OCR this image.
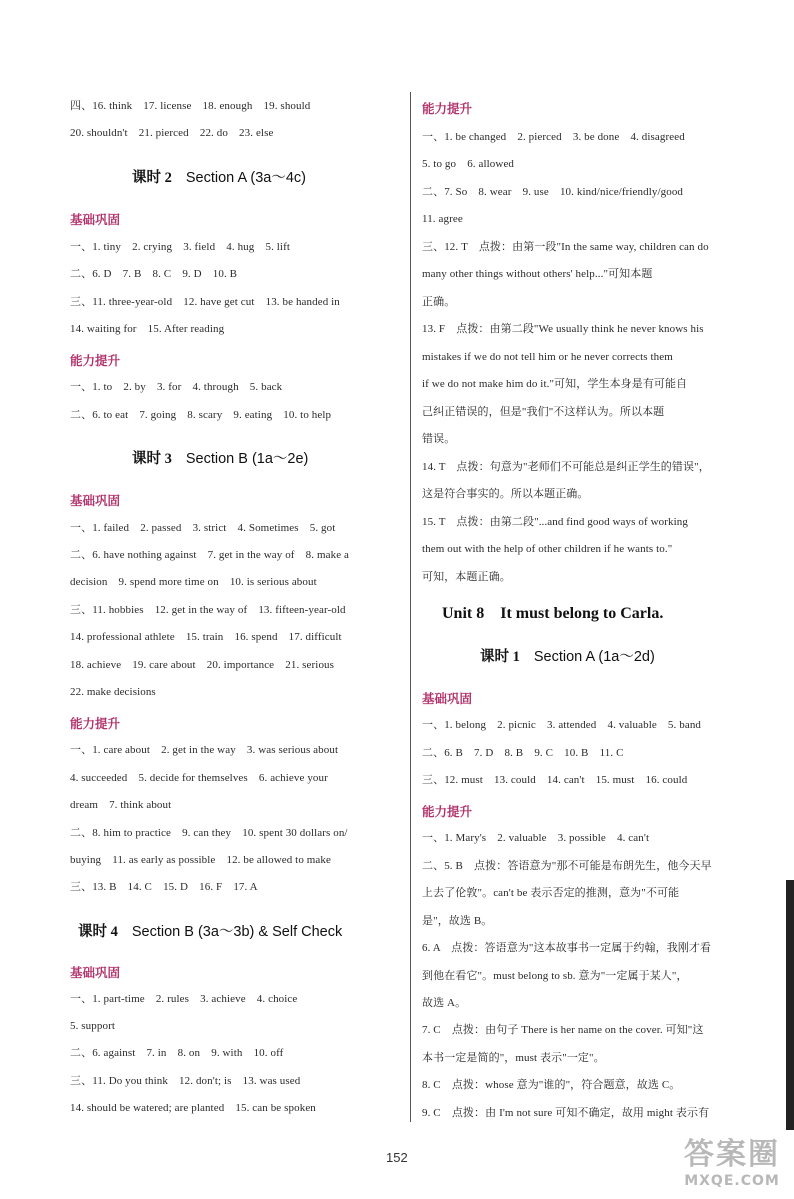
四、16. think　17. license　18. enough　19. should
20. shouldn't　21. pierced　22. do　23. else
课时 2 Section A (3a～4c)
基础巩固
一、1. tiny　2. crying　3. field　4. hug　5. lift
二、6. D　7. B　8. C　9. D　10. B
三、11. three-year-old　12. have get cut　13. be handed in
14. waiting for　15. After reading
能力提升
一、1. to　2. by　3. for　4. through　5. back
二、6. to eat　7. going　8. scary　9. eating　10. to help
课时 3 Section B (1a～2e)
基础巩固
一、1. failed　2. passed　3. strict　4. Sometimes　5. got
二、6. have nothing against　7. get in the way of　8. make a
decision　9. spend more time on　10. is serious about
三、11. hobbies　12. get in the way of　13. fifteen-year-old
14. professional athlete　15. train　16. spend　17. difficult
18. achieve　19. care about　20. importance　21. serious
22. make decisions
能力提升
一、1. care about　2. get in the way　3. was serious about
4. succeeded　5. decide for themselves　6. achieve your
dream　7. think about
二、8. him to practice　9. can they　10. spent 30 dollars on/
buying　11. as early as possible　12. be allowed to make
三、13. B　14. C　15. D　16. F　17. A
课时 4 Section B (3a～3b) & Self Check
基础巩固
一、1. part-time　2. rules　3. achieve　4. choice
5. support
二、6. against　7. in　8. on　9. with　10. off
三、11. Do you think　12. don't; is　13. was used
14. should be watered; are planted　15. can be spoken
能力提升
一、1. be changed　2. pierced　3. be done　4. disagreed
5. to go　6. allowed
二、7. So　8. wear　9. use　10. kind/nice/friendly/good
11. agree
三、12. T　点拨：由第一段"In the same way, children can do
many other things without others' help..."可知本题
正确。
13. F　点拨：由第二段"We usually think he never knows his
mistakes if we do not tell him or he never corrects them
if we do not make him do it."可知，学生本身是有可能自
己纠正错误的，但是"我们"不这样认为。所以本题
错误。
14. T　点拨：句意为"老师们不可能总是纠正学生的错误"，
这是符合事实的。所以本题正确。
15. T　点拨：由第二段"...and find good ways of working
them out with the help of other children if he wants to."
可知，本题正确。
Unit 8　It must belong to Carla.
课时 1 Section A (1a～2d)
基础巩固
一、1. belong　2. picnic　3. attended　4. valuable　5. band
二、6. B　7. D　8. B　9. C　10. B　11. C
三、12. must　13. could　14. can't　15. must　16. could
能力提升
一、1. Mary's　2. valuable　3. possible　4. can't
二、5. B　点拨：答语意为"那不可能是布朗先生，他今天早
上去了伦敦"。can't be 表示否定的推测，意为"不可能
是"，故选 B。
6. A　点拨：答语意为"这本故事书一定属于约翰，我刚才看
到他在看它"。must belong to sb. 意为"一定属于某人"，
故选 A。
7. C　点拨：由句子 There is her name on the cover. 可知"这
本书一定是简的"，must 表示"一定"。
8. C　点拨：whose 意为"谁的"，符合题意，故选 C。
9. C　点拨：由 I'm not sure 可知不确定，故用 might 表示有
152	答案圈
MXQE.COM
